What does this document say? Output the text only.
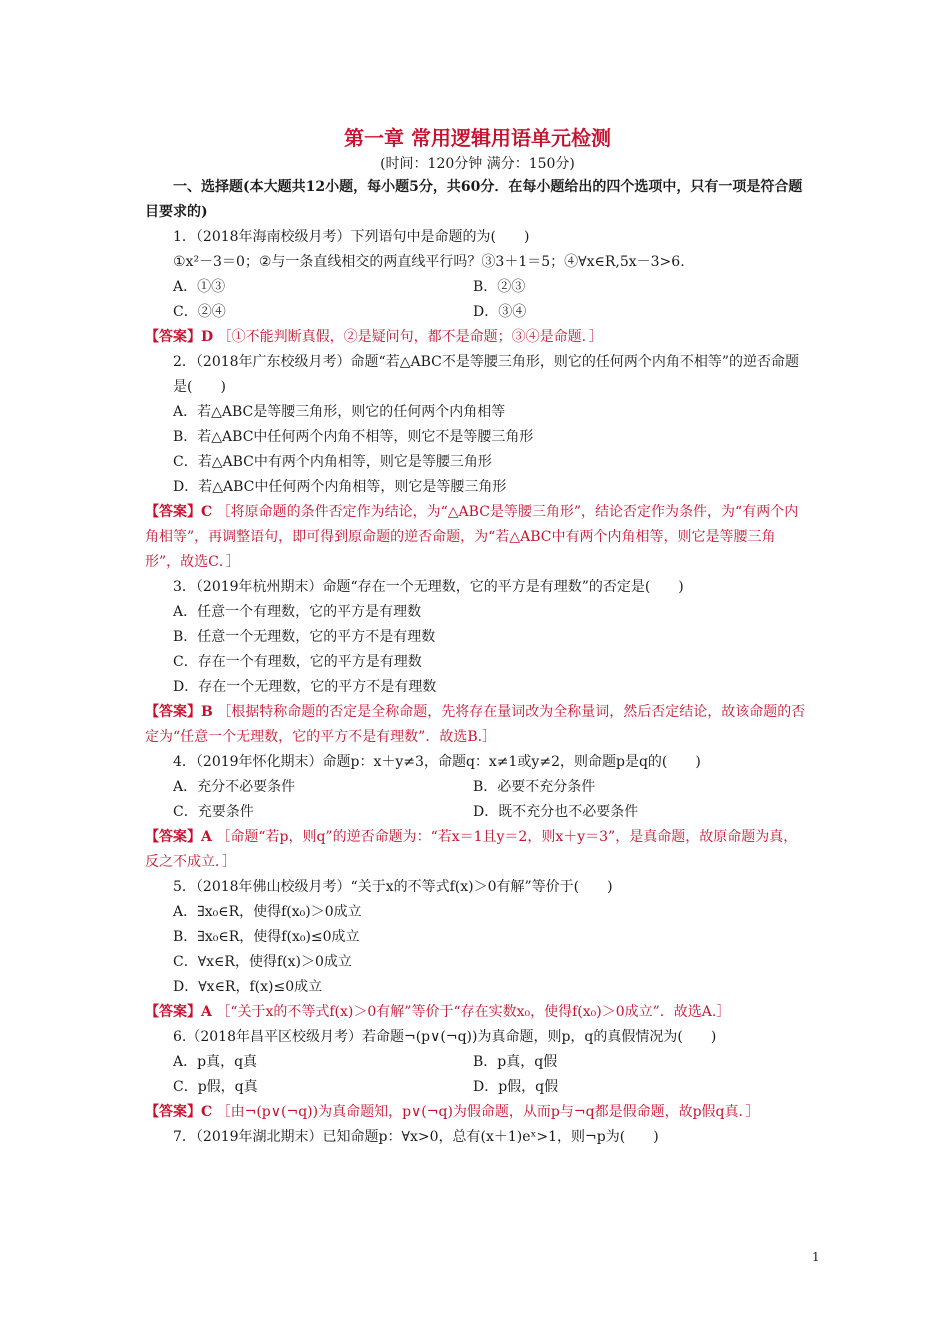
第一章 常用逻辑用语单元检测
(时间：120分钟 满分：150分)
一、选择题(本大题共12小题，每小题5分，共60分．在每小题给出的四个选项中，只有一项是符合题目要求的)
1．（2018年海南校级月考）下列语句中是命题的为(　　)
①x²－3＝0；②与一条直线相交的两直线平行吗？③3＋1＝5；④∀x∈R,5x－3>6.
A．①③	B．②③
C．②④	D．③④
【答案】D ［①不能判断真假，②是疑问句，都不是命题；③④是命题．］
2．（2018年广东校级月考）命题“若△ABC不是等腰三角形，则它的任何两个内角不相等”的逆否命题是(　　)
A．若△ABC是等腰三角形，则它的任何两个内角相等
B．若△ABC中任何两个内角不相等，则它不是等腰三角形
C．若△ABC中有两个内角相等，则它是等腰三角形
D．若△ABC中任何两个内角相等，则它是等腰三角形
【答案】C ［将原命题的条件否定作为结论，为“△ABC是等腰三角形”，结论否定作为条件，为“有两个内角相等”，再调整语句，即可得到原命题的逆否命题，为“若△ABC中有两个内角相等，则它是等腰三角形”，故选C．］
3．（2019年杭州期末）命题“存在一个无理数，它的平方是有理数”的否定是(　　)
A．任意一个有理数，它的平方是有理数
B．任意一个无理数，它的平方不是有理数
C．存在一个有理数，它的平方是有理数
D．存在一个无理数，它的平方不是有理数
【答案】B ［根据特称命题的否定是全称命题，先将存在量词改为全称量词，然后否定结论，故该命题的否定为“任意一个无理数，它的平方不是有理数”．故选B.］
4．（2019年怀化期末）命题p：x＋y≠3，命题q：x≠1或y≠2，则命题p是q的(　　)
A．充分不必要条件	B．必要不充分条件
C．充要条件	D．既不充分也不必要条件
【答案】A ［命题“若p，则q”的逆否命题为：“若x＝1且y＝2，则x＋y＝3”，是真命题，故原命题为真，反之不成立．］
5．（2018年佛山校级月考）“关于x的不等式f(x)＞0有解”等价于(　　)
A．∃x₀∈R，使得f(x₀)＞0成立
B．∃x₀∈R，使得f(x₀)≤0成立
C．∀x∈R，使得f(x)＞0成立
D．∀x∈R，f(x)≤0成立
【答案】A ［“关于x的不等式f(x)＞0有解”等价于“存在实数x₀，使得f(x₀)＞0成立”．故选A.］
6.（2018年昌平区校级月考）若命题¬(p∨(¬q))为真命题，则p，q的真假情况为(　　)
A．p真，q真	B．p真，q假
C．p假，q真	D．p假，q假
【答案】C ［由¬(p∨(¬q))为真命题知，p∨(¬q)为假命题，从而p与¬q都是假命题，故p假q真．］
7．（2019年湖北期末）已知命题p：∀x>0，总有(x＋1)eˣ>1，则¬p为(　　)
1
